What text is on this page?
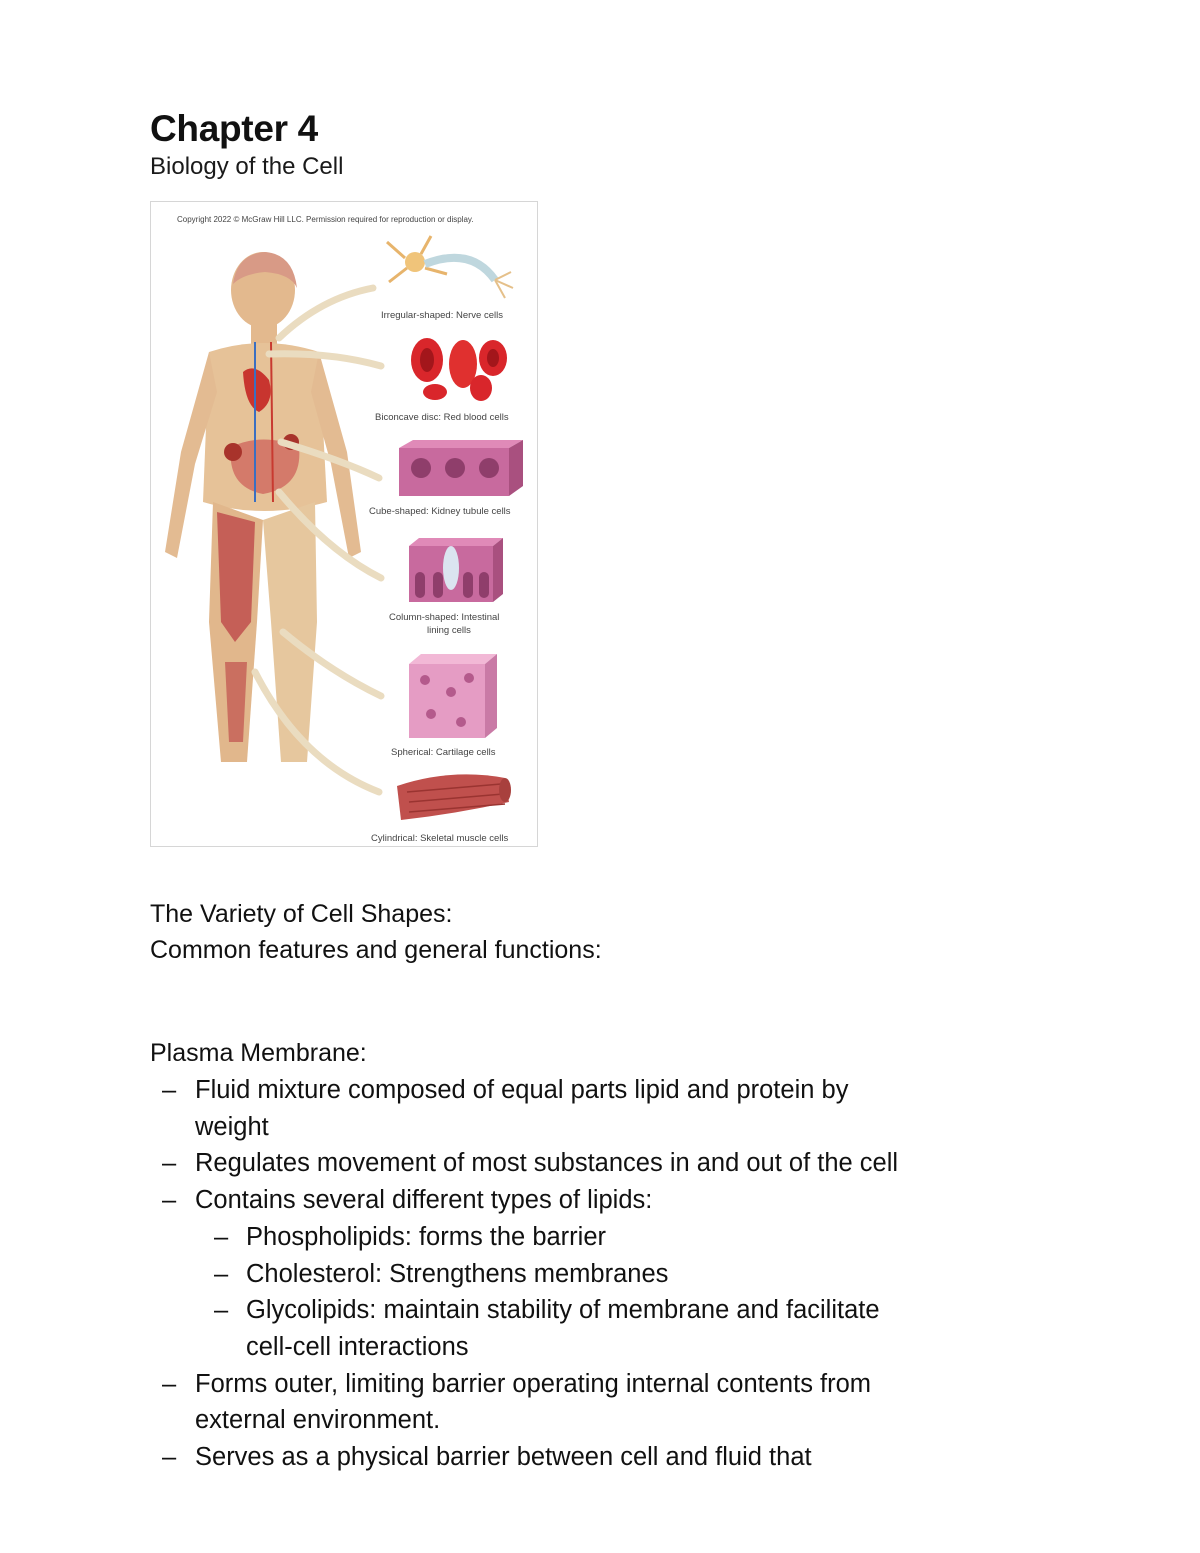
Chapter 4

Biology of the Cell

Copyright 2022 © McGraw Hill LLC. Permission required for reproduction or display.
Irregular-shaped: Nerve cells
Biconcave disc: Red blood cells
Cube-shaped: Kidney tubule cells
Column-shaped: Intestinal
lining cells
Spherical: Cartilage cells
Cylindrical: Skeletal muscle cells

The Variety of Cell Shapes:

Common features and general functions:

Plasma Membrane:

– Fluid mixture composed of equal parts lipid and protein by
weight
– Regulates movement of most substances in and out of the cell
– Contains several different types of lipids:
– Phospholipids: forms the barrier
– Cholesterol: Strengthens membranes
– Glycolipids: maintain stability of membrane and facilitate
cell-cell interactions
– Forms outer, limiting barrier operating internal contents from
external environment.
– Serves as a physical barrier between cell and fluid that
